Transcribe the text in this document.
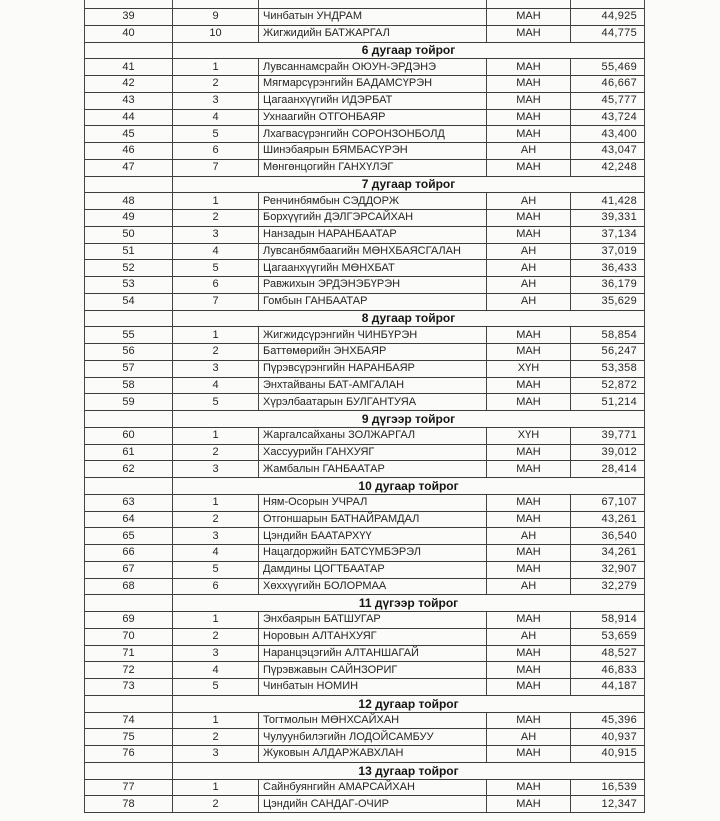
39	9	Чинбатын УНДРАМ	МАН	44,925
40	10	Жигжидийн БАТЖАРГАЛ	МАН	44,775
6 дугаар тойрог
41	1	Лувсаннамсрайн ОЮУН-ЭРДЭНЭ	МАН	55,469
42	2	Мягмарсүрэнгийн БАДАМСҮРЭН	МАН	46,667
43	3	Цагаанхүүгийн ИДЭРБАТ	МАН	45,777
44	4	Ухнаагийн ОТГОНБАЯР	МАН	43,724
45	5	Лхагвасүрэнгийн СОРОНЗОНБОЛД	МАН	43,400
46	6	Шинэбаярын БЯМБАСҮРЭН	АН	43,047
47	7	Мөнгөнцогийн ГАНХҮЛЭГ	МАН	42,248
7 дугаар тойрог
48	1	Ренчинбямбын СЭДДОРЖ	АН	41,428
49	2	Борхүүгийн ДЭЛГЭРСАЙХАН	МАН	39,331
50	3	Нанзадын НАРАНБААТАР	МАН	37,134
51	4	Лувсанбямбаагийн МӨНХБАЯСГАЛАН	АН	37,019
52	5	Цагаанхүүгийн МӨНХБАТ	АН	36,433
53	6	Равжихын ЭРДЭНЭБҮРЭН	АН	36,179
54	7	Гомбын ГАНБААТАР	АН	35,629
8 дугаар тойрог
55	1	Жигжидсүрэнгийн ЧИНБҮРЭН	МАН	58,854
56	2	Баттөмөрийн ЭНХБАЯР	МАН	56,247
57	3	Пүрэвсүрэнгийн НАРАНБАЯР	ХҮН	53,358
58	4	Энхтайваны БАТ-АМГАЛАН	МАН	52,872
59	5	Хүрэлбаатарын БУЛГАНТУЯА	МАН	51,214
9 дүгээр тойрог
60	1	Жаргалсайханы ЗОЛЖАРГАЛ	ХҮН	39,771
61	2	Хассуурийн ГАНХУЯГ	МАН	39,012
62	3	Жамбалын ГАНБААТАР	МАН	28,414
10 дугаар тойрог
63	1	Ням-Осорын УЧРАЛ	МАН	67,107
64	2	Отгоншарын БАТНАЙРАМДАЛ	МАН	43,261
65	3	Цэндийн БААТАРХҮҮ	АН	36,540
66	4	Нацагдоржийн БАТСҮМБЭРЭЛ	МАН	34,261
67	5	Дамдины ЦОГТБААТАР	МАН	32,907
68	6	Хөххүүгийн БОЛОРМАА	АН	32,279
11 дүгээр тойрог
69	1	Энхбаярын БАТШУГАР	МАН	58,914
70	2	Норовын АЛТАНХУЯГ	АН	53,659
71	3	Наранцэцэгийн АЛТАНШАГАЙ	МАН	48,527
72	4	Пүрэвжавын САЙНЗОРИГ	МАН	46,833
73	5	Чинбатын НОМИН	МАН	44,187
12 дугаар тойрог
74	1	Тогтмолын МӨНХСАЙХАН	МАН	45,396
75	2	Чулуунбилэгийн ЛОДОЙСАМБУУ	АН	40,937
76	3	Жуковын АЛДАРЖАВХЛАН	МАН	40,915
13 дугаар тойрог
77	1	Сайнбуянгийн АМАРСАЙХАН	МАН	16,539
78	2	Цэндийн САНДАГ-ОЧИР	МАН	12,347
